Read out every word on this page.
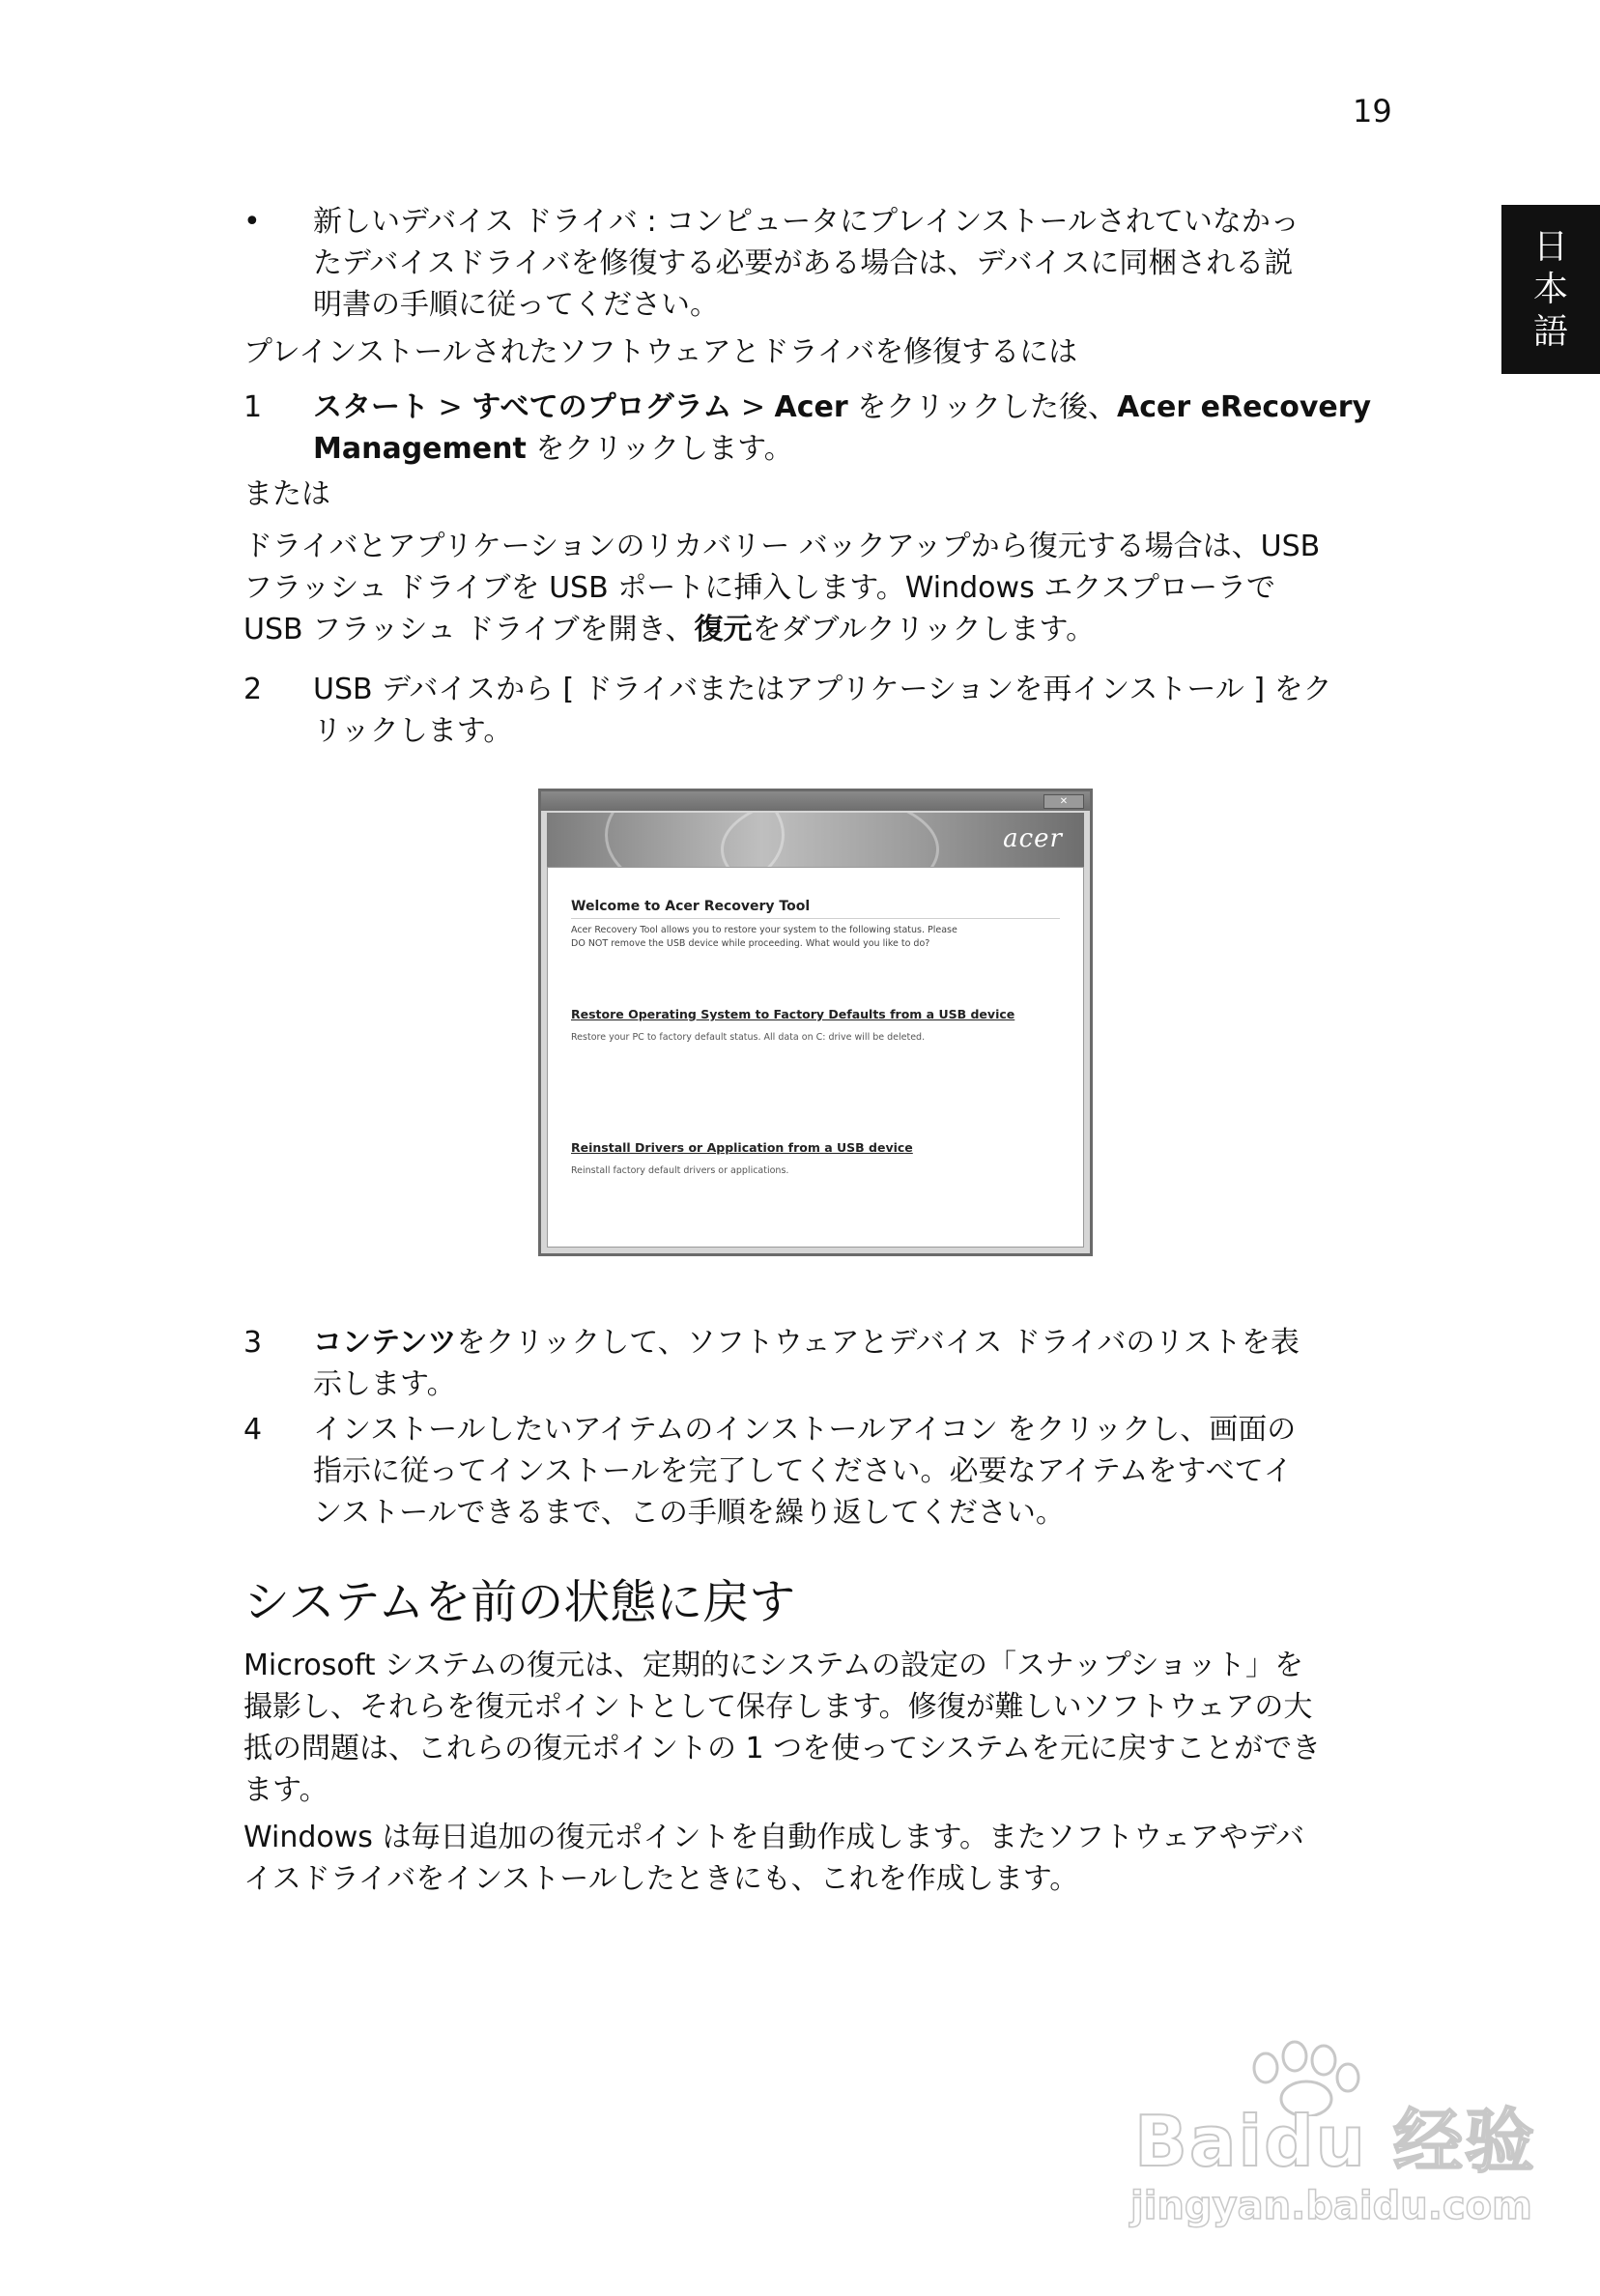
19
日
本
語
•	新しいデバイス ドライバ : コンピュータにプレインストールされていなかっ
たデバイスドライバを修復する必要がある場合は、デバイスに同梱される説
明書の手順に従ってください。
プレインストールされたソフトウェアとドライバを修復するには
1	スタート > すべてのプログラム > Acer をクリックした後、Acer eRecovery
Management をクリックします。
または
ドライバとアプリケーションのリカバリー バックアップから復元する場合は、USB
フラッシュ ドライブを USB ポートに挿入します。Windows エクスプローラで
USB フラッシュ ドライブを開き、復元をダブルクリックします。
2	USB デバイスから [ ドライバまたはアプリケーションを再インストール ] をク
リックします。
✕
acer
Welcome to Acer Recovery Tool
Acer Recovery Tool allows you to restore your system to the following status. Please
DO NOT remove the USB device while proceeding. What would you like to do?
Restore Operating System to Factory Defaults from a USB device
Restore your PC to factory default status. All data on C: drive will be deleted.
Reinstall Drivers or Application from a USB device
Reinstall factory default drivers or applications.
3	コンテンツをクリックして、ソフトウェアとデバイス ドライバのリストを表
示します。
4	インストールしたいアイテムのインストールアイコン をクリックし、画面の
指示に従ってインストールを完了してください。必要なアイテムをすべてイ
ンストールできるまで、この手順を繰り返してください。
システムを前の状態に戻す
Microsoft システムの復元は、定期的にシステムの設定の「スナップショット」を
撮影し、それらを復元ポイントとして保存します。修復が難しいソフトウェアの大
抵の問題は、これらの復元ポイントの 1 つを使ってシステムを元に戻すことができ
ます。
Windows は毎日追加の復元ポイントを自動作成します。またソフトウェアやデバ
イスドライバをインストールしたときにも、これを作成します。
Baidu 经验
jingyan.baidu.com
